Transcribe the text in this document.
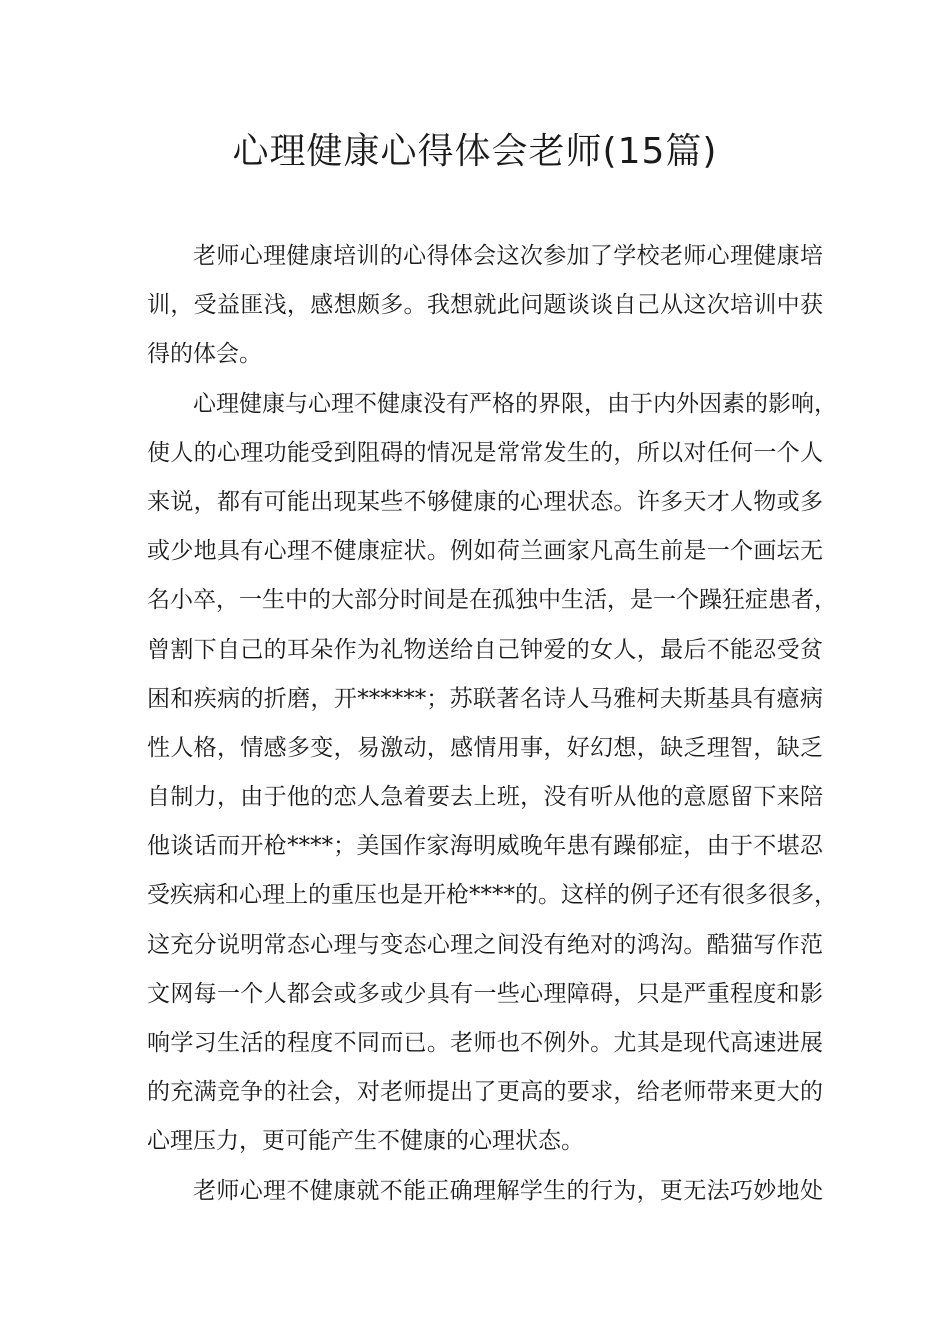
心理健康心得体会老师(15篇)
老师心理健康培训的心得体会这次参加了学校老师心理健康培
训，受益匪浅，感想颇多。我想就此问题谈谈自己从这次培训中获
得的体会。
心理健康与心理不健康没有严格的界限，由于内外因素的影响，
使人的心理功能受到阻碍的情况是常常发生的，所以对任何一个人
来说，都有可能出现某些不够健康的心理状态。许多天才人物或多
或少地具有心理不健康症状。例如荷兰画家凡高生前是一个画坛无
名小卒，一生中的大部分时间是在孤独中生活，是一个躁狂症患者，
曾割下自己的耳朵作为礼物送给自己钟爱的女人，最后不能忍受贫
困和疾病的折磨，开******；苏联著名诗人马雅柯夫斯基具有癔病
性人格，情感多变，易激动，感情用事，好幻想，缺乏理智，缺乏
自制力，由于他的恋人急着要去上班，没有听从他的意愿留下来陪
他谈话而开枪****；美国作家海明威晚年患有躁郁症，由于不堪忍
受疾病和心理上的重压也是开枪****的。这样的例子还有很多很多，
这充分说明常态心理与变态心理之间没有绝对的鸿沟。酷猫写作范
文网每一个人都会或多或少具有一些心理障碍，只是严重程度和影
响学习生活的程度不同而已。老师也不例外。尤其是现代高速进展
的充满竞争的社会，对老师提出了更高的要求，给老师带来更大的
心理压力，更可能产生不健康的心理状态。
老师心理不健康就不能正确理解学生的行为，更无法巧妙地处
